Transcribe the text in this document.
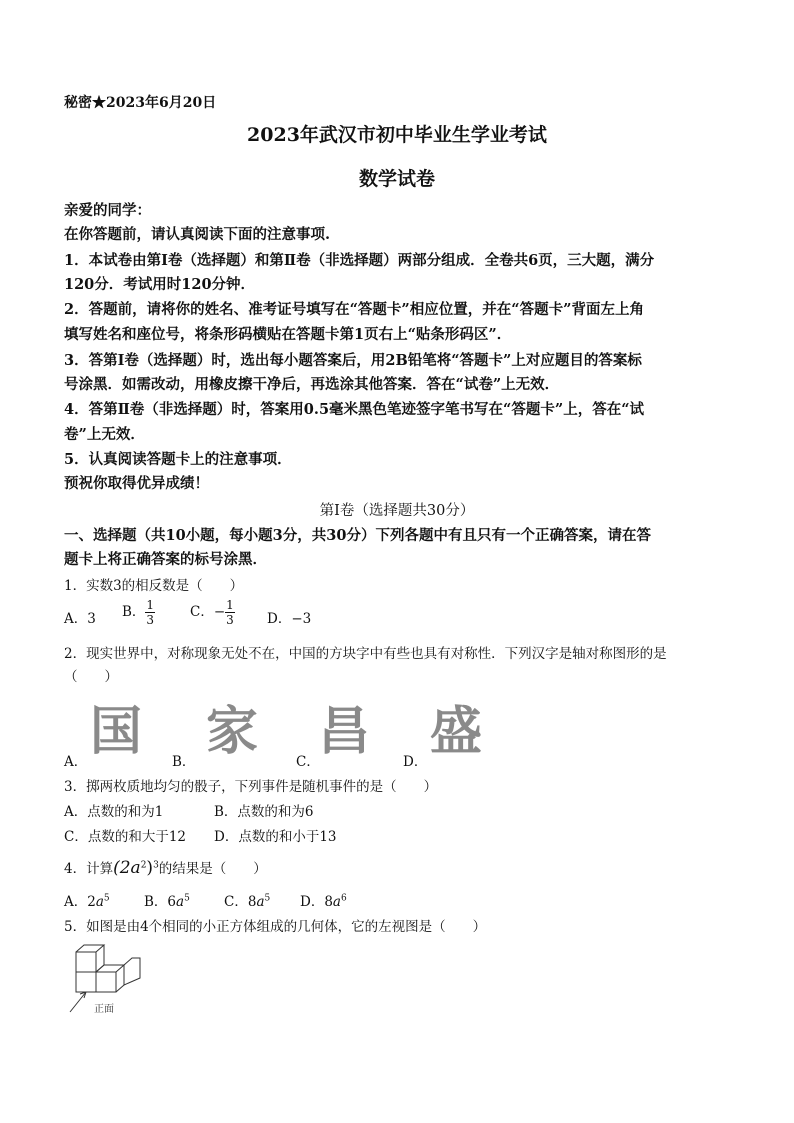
秘密★2023年6月20日
2023年武汉市初中毕业生学业考试
数学试卷
亲爱的同学：
在你答题前，请认真阅读下面的注意事项.
1．本试卷由第Ⅰ卷（选择题）和第Ⅱ卷（非选择题）两部分组成．全卷共6页，三大题，满分
120分．考试用时120分钟．
2．答题前，请将你的姓名、准考证号填写在“答题卡”相应位置，并在“答题卡”背面左上角
填写姓名和座位号，将条形码横贴在答题卡第1页右上“贴条形码区”．
3．答第Ⅰ卷（选择题）时，选出每小题答案后，用2B铅笔将“答题卡”上对应题目的答案标
号涂黑．如需改动，用橡皮擦干净后，再选涂其他答案．答在“试卷”上无效．
4．答第Ⅱ卷（非选择题）时，答案用0.5毫米黑色笔迹签字笔书写在“答题卡”上，答在“试
卷”上无效．
5．认真阅读答题卡上的注意事项．
预祝你取得优异成绩！
第Ⅰ卷（选择题共30分）
一、选择题（共10小题，每小题3分，共30分）下列各题中有且只有一个正确答案，请在答
题卡上将正确答案的标号涂黑．
1．实数3的相反数是（　　）
A．3 B． $\frac{1}{3}$	C．− $\frac{1}{3}$ D．−3
2．现实世界中，对称现象无处不在，中国的方块字中有些也具有对称性．下列汉字是轴对称图形的是
（　　）
A． 国 B． 家	C．
昌 D． 盛
3．掷两枚质地均匀的骰子，下列事件是随机事件的是（　　）
A．点数的和为1	B．点数的和为6
C．点数的和大于12 D．点数的和小于13
4．计算$(2a^2)^3$的结果是（　　）
A．$2a^5$	B．$6a^5$	C．$8a^5$ D．$8a^6$
5．如图是由4个相同的小正方体组成的几何体，它的左视图是（　　）
正面
